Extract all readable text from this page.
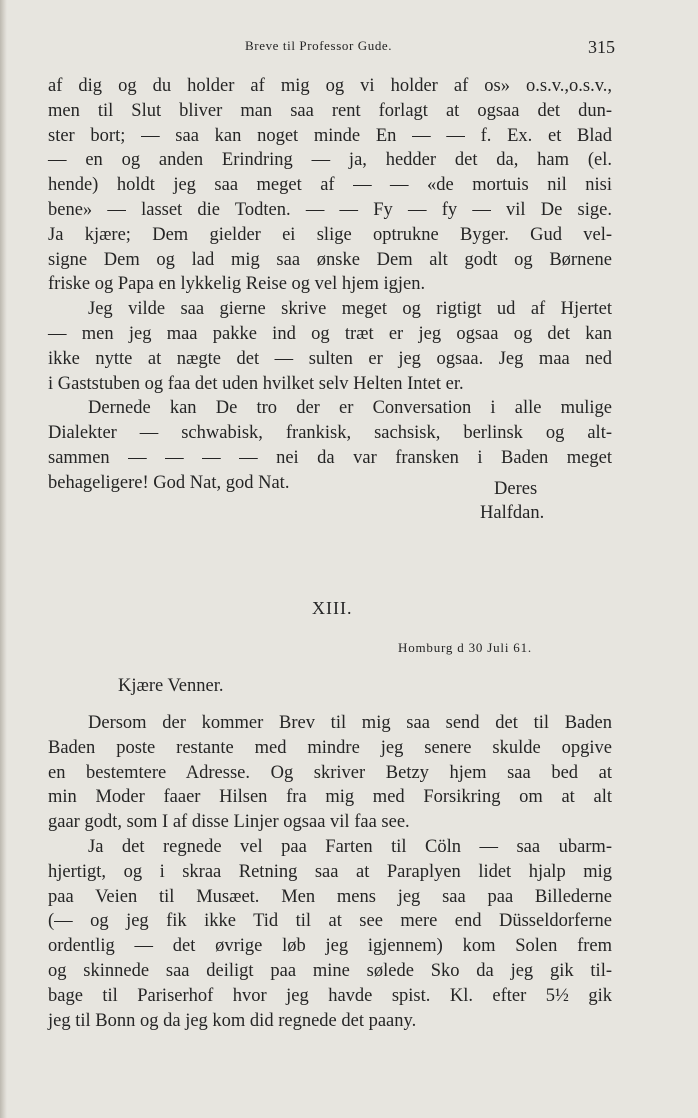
Breve til Professor Gude.	315
af dig og du holder af mig og vi holder af os» o.s.v.,o.s.v.,
men til Slut bliver man saa rent forlagt at ogsaa det dun-
ster bort; — saa kan noget minde En — — f. Ex. et Blad
— en og anden Erindring — ja, hedder det da, ham (el.
hende) holdt jeg saa meget af — — «de mortuis nil nisi
bene» — lasset die Todten. — — Fy — fy — vil De sige.
Ja kjære; Dem gielder ei slige optrukne Byger. Gud vel-
signe Dem og lad mig saa ønske Dem alt godt og Børnene
friske og Papa en lykkelig Reise og vel hjem igjen.
Jeg vilde saa gierne skrive meget og rigtigt ud af Hjertet
— men jeg maa pakke ind og træt er jeg ogsaa og det kan
ikke nytte at nægte det — sulten er jeg ogsaa. Jeg maa ned
i Gaststuben og faa det uden hvilket selv Helten Intet er.
Dernede kan De tro der er Conversation i alle mulige
Dialekter — schwabisk, frankisk, sachsisk, berlinsk og alt-
sammen — — — — nei da var fransken i Baden meget
behageligere! God Nat, god Nat.	Deres
Halfdan.
XIII.
Homburg d 30 Juli 61.
Kjære Venner.
Dersom der kommer Brev til mig saa send det til Baden
Baden poste restante med mindre jeg senere skulde opgive
en bestemtere Adresse. Og skriver Betzy hjem saa bed at
min Moder faaer Hilsen fra mig med Forsikring om at alt
gaar godt, som I af disse Linjer ogsaa vil faa see.
Ja det regnede vel paa Farten til Cöln — saa ubarm-
hjertigt, og i skraa Retning saa at Paraplyen lidet hjalp mig
paa Veien til Musæet. Men mens jeg saa paa Billederne
(— og jeg fik ikke Tid til at see mere end Düsseldorferne
ordentlig — det øvrige løb jeg igjennem) kom Solen frem
og skinnede saa deiligt paa mine sølede Sko da jeg gik til-
bage til Pariserhof hvor jeg havde spist. Kl. efter 5½ gik
jeg til Bonn og da jeg kom did regnede det paany.
